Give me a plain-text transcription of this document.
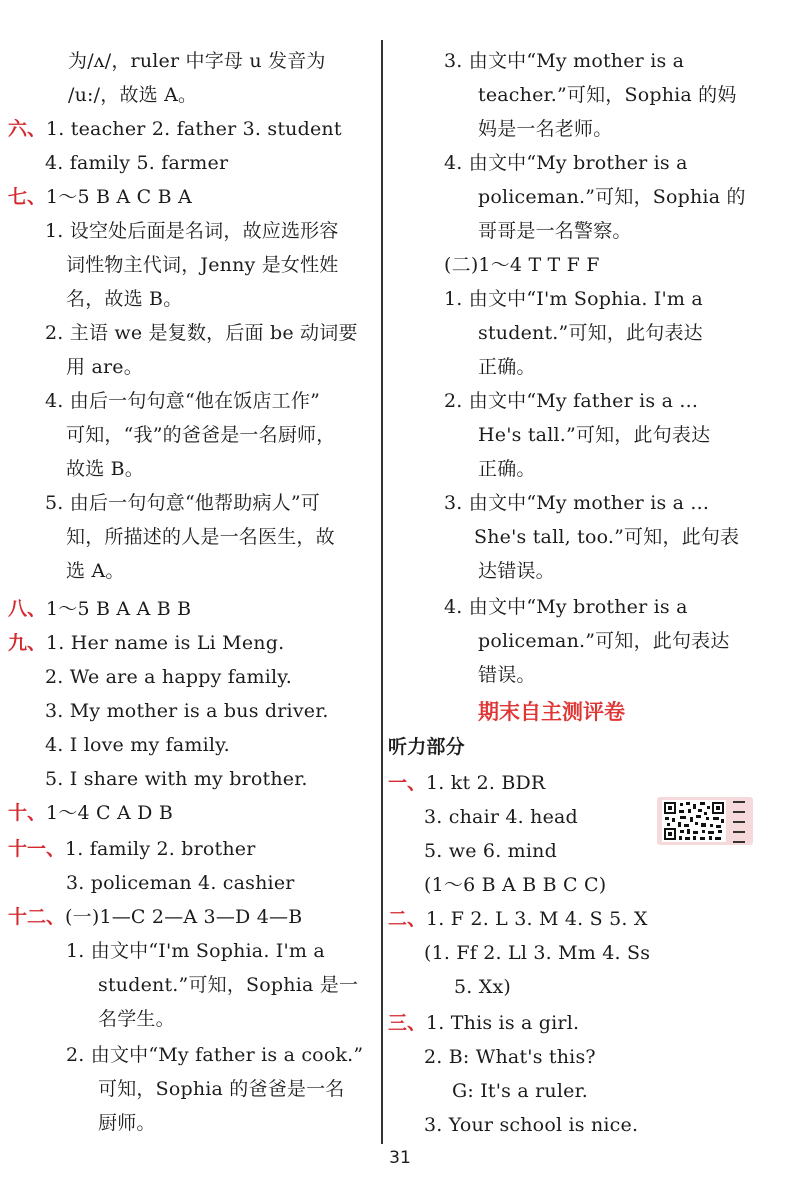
为/ʌ/，ruler 中字母 u 发音为
/u:/，故选 A。
六、1. teacher 2. father 3. student
4. family 5. farmer
七、1～5 B A C B A
1. 设空处后面是名词，故应选形容
词性物主代词，Jenny 是女性姓
名，故选 B。
2. 主语 we 是复数，后面 be 动词要
用 are。
4. 由后一句句意“他在饭店工作”
可知，“我”的爸爸是一名厨师，
故选 B。
5. 由后一句句意“他帮助病人”可
知，所描述的人是一名医生，故
选 A。
八、1～5 B A A B B
九、1. Her name is Li Meng.
2. We are a happy family.
3. My mother is a bus driver.
4. I love my family.
5. I share with my brother.
十、1～4 C A D B
十一、1. family 2. brother
3. policeman 4. cashier
十二、(一)1—C 2—A 3—D 4—B
1. 由文中“I'm Sophia. I'm a
student.”可知，Sophia 是一
名学生。
2. 由文中“My father is a cook.”
可知，Sophia 的爸爸是一名
厨师。
3. 由文中“My mother is a
teacher.”可知，Sophia 的妈
妈是一名老师。
4. 由文中“My brother is a
policeman.”可知，Sophia 的
哥哥是一名警察。
(二)1～4 T T F F
1. 由文中“I'm Sophia. I'm a
student.”可知，此句表达
正确。
2. 由文中“My father is a ...
He's tall.”可知，此句表达
正确。
3. 由文中“My mother is a ...
She's tall, too.”可知，此句表
达错误。
4. 由文中“My brother is a
policeman.”可知，此句表达
错误。
期末自主测评卷
听力部分
一、1. kt 2. BDR
3. chair 4. head
5. we 6. mind
(1～6 B A B B C C)
二、1. F 2. L 3. M 4. S 5. X
(1. Ff 2. Ll 3. Mm 4. Ss
5. Xx)
三、1. This is a girl.
2. B: What's this?
G: It's a ruler.
3. Your school is nice.
31
